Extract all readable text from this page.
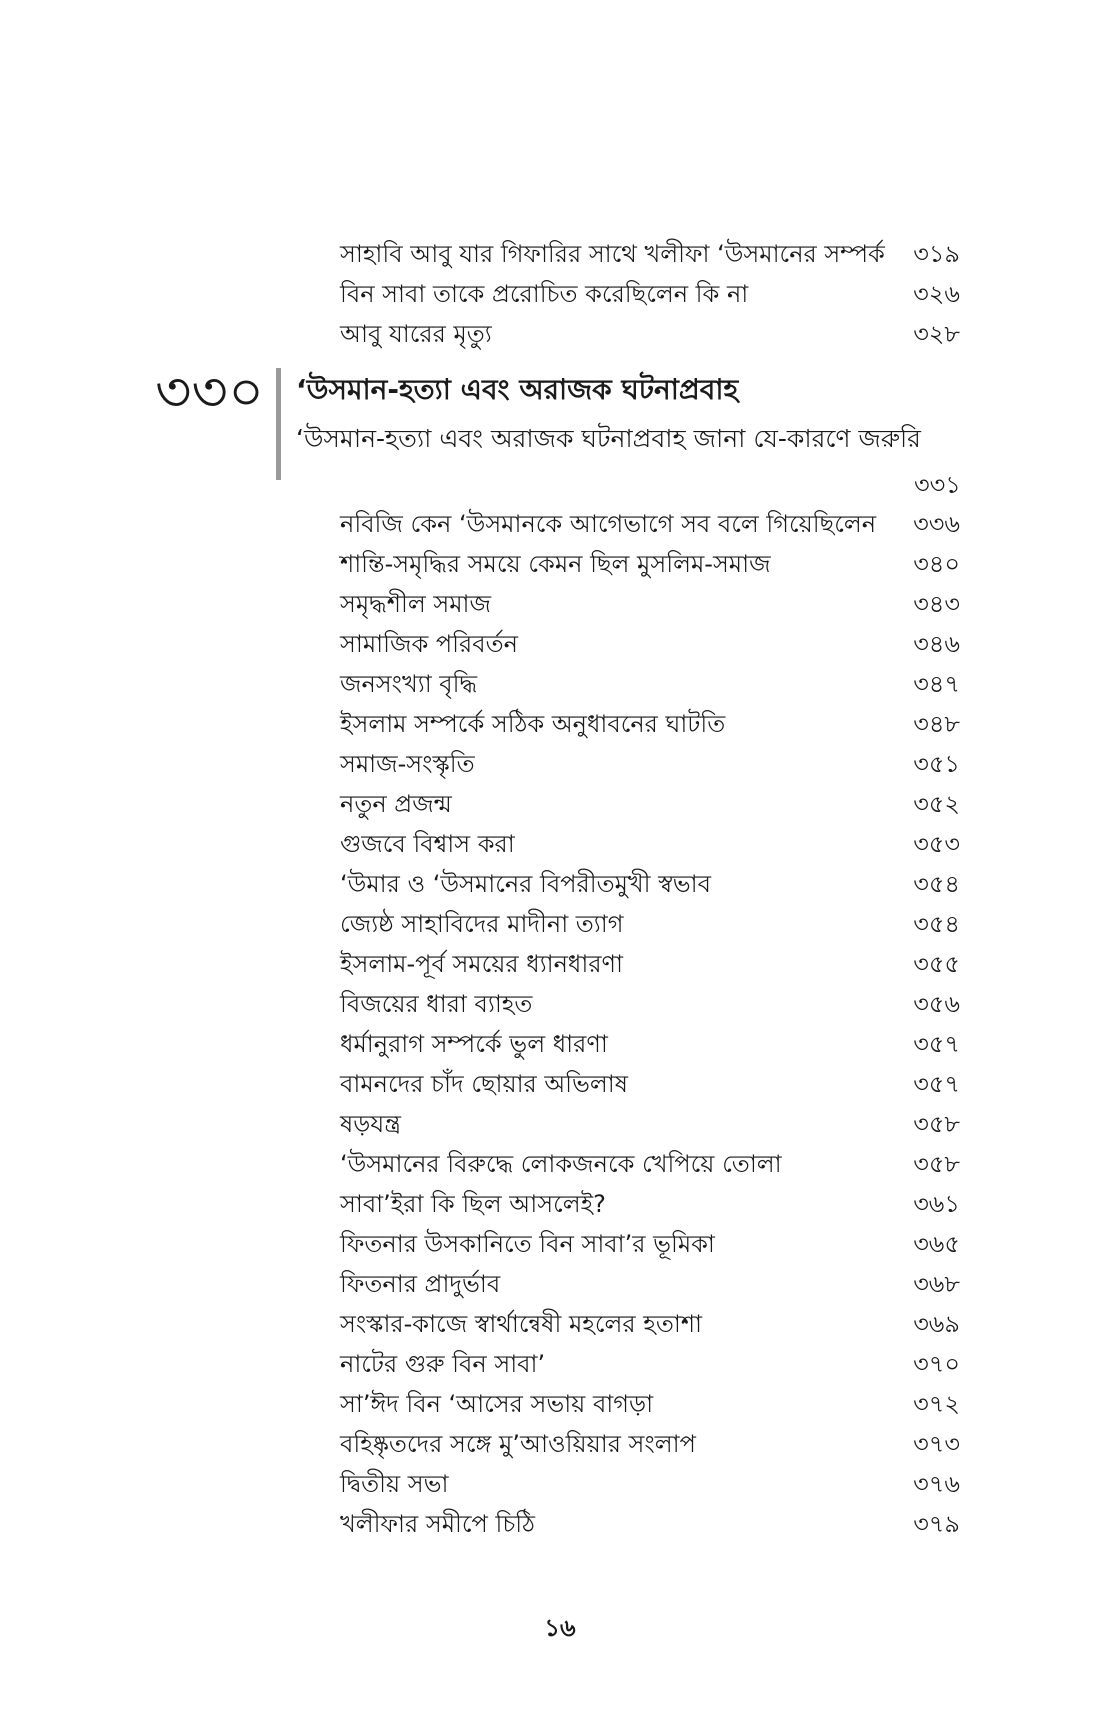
সাহাবি আবু যার গিফারির সাথে খলীফা ‘উসমানের সম্পর্ক ৩১৯
বিন সাবা তাকে প্ররোচিত করেছিলেন কি না	৩২৬
আবু যারের মৃত্যু	৩২৮
৩৩০ ‘উসমান-হত্যা এবং অরাজক ঘটনাপ্রবাহ
‘উসমান-হত্যা এবং অরাজক ঘটনাপ্রবাহ জানা যে-কারণে জরুরি
৩৩১
নবিজি কেন ‘উসমানকে আগেভাগে সব বলে গিয়েছিলেন ৩৩৬
শান্তি-সমৃদ্ধির সময়ে কেমন ছিল মুসলিম-সমাজ	৩৪০
সমৃদ্ধশীল সমাজ	৩৪৩
সামাজিক পরিবর্তন	৩৪৬
জনসংখ্যা বৃদ্ধি	৩৪৭
ইসলাম সম্পর্কে সঠিক অনুধাবনের ঘাটতি	৩৪৮
সমাজ-সংস্কৃতি	৩৫১
নতুন প্রজন্ম	৩৫২
গুজবে বিশ্বাস করা	৩৫৩
‘উমার ও ‘উসমানের বিপরীতমুখী স্বভাব	৩৫৪
জ্যেষ্ঠ সাহাবিদের মাদীনা ত্যাগ	৩৫৪
ইসলাম-পূর্ব সময়ের ধ্যানধারণা	৩৫৫
বিজয়ের ধারা ব্যাহত	৩৫৬
ধর্মানুরাগ সম্পর্কে ভুল ধারণা	৩৫৭
বামনদের চাঁদ ছোয়ার অভিলাষ	৩৫৭
ষড়যন্ত্র	৩৫৮
‘উসমানের বিরুদ্ধে লোকজনকে খেপিয়ে তোলা	৩৫৮
সাবা’ইরা কি ছিল আসলেই?	৩৬১
ফিতনার উসকানিতে বিন সাবা’র ভূমিকা	৩৬৫
ফিতনার প্রাদুর্ভাব	৩৬৮
সংস্কার-কাজে স্বার্থান্বেষী মহলের হতাশা	৩৬৯
নাটের গুরু বিন সাবা’	৩৭০
সা’ঈদ বিন ‘আসের সভায় বাগড়া	৩৭২
বহিষ্কৃতদের সঙ্গে মু’আওয়িয়ার সংলাপ	৩৭৩
দ্বিতীয় সভা	৩৭৬
খলীফার সমীপে চিঠি	৩৭৯
১৬
